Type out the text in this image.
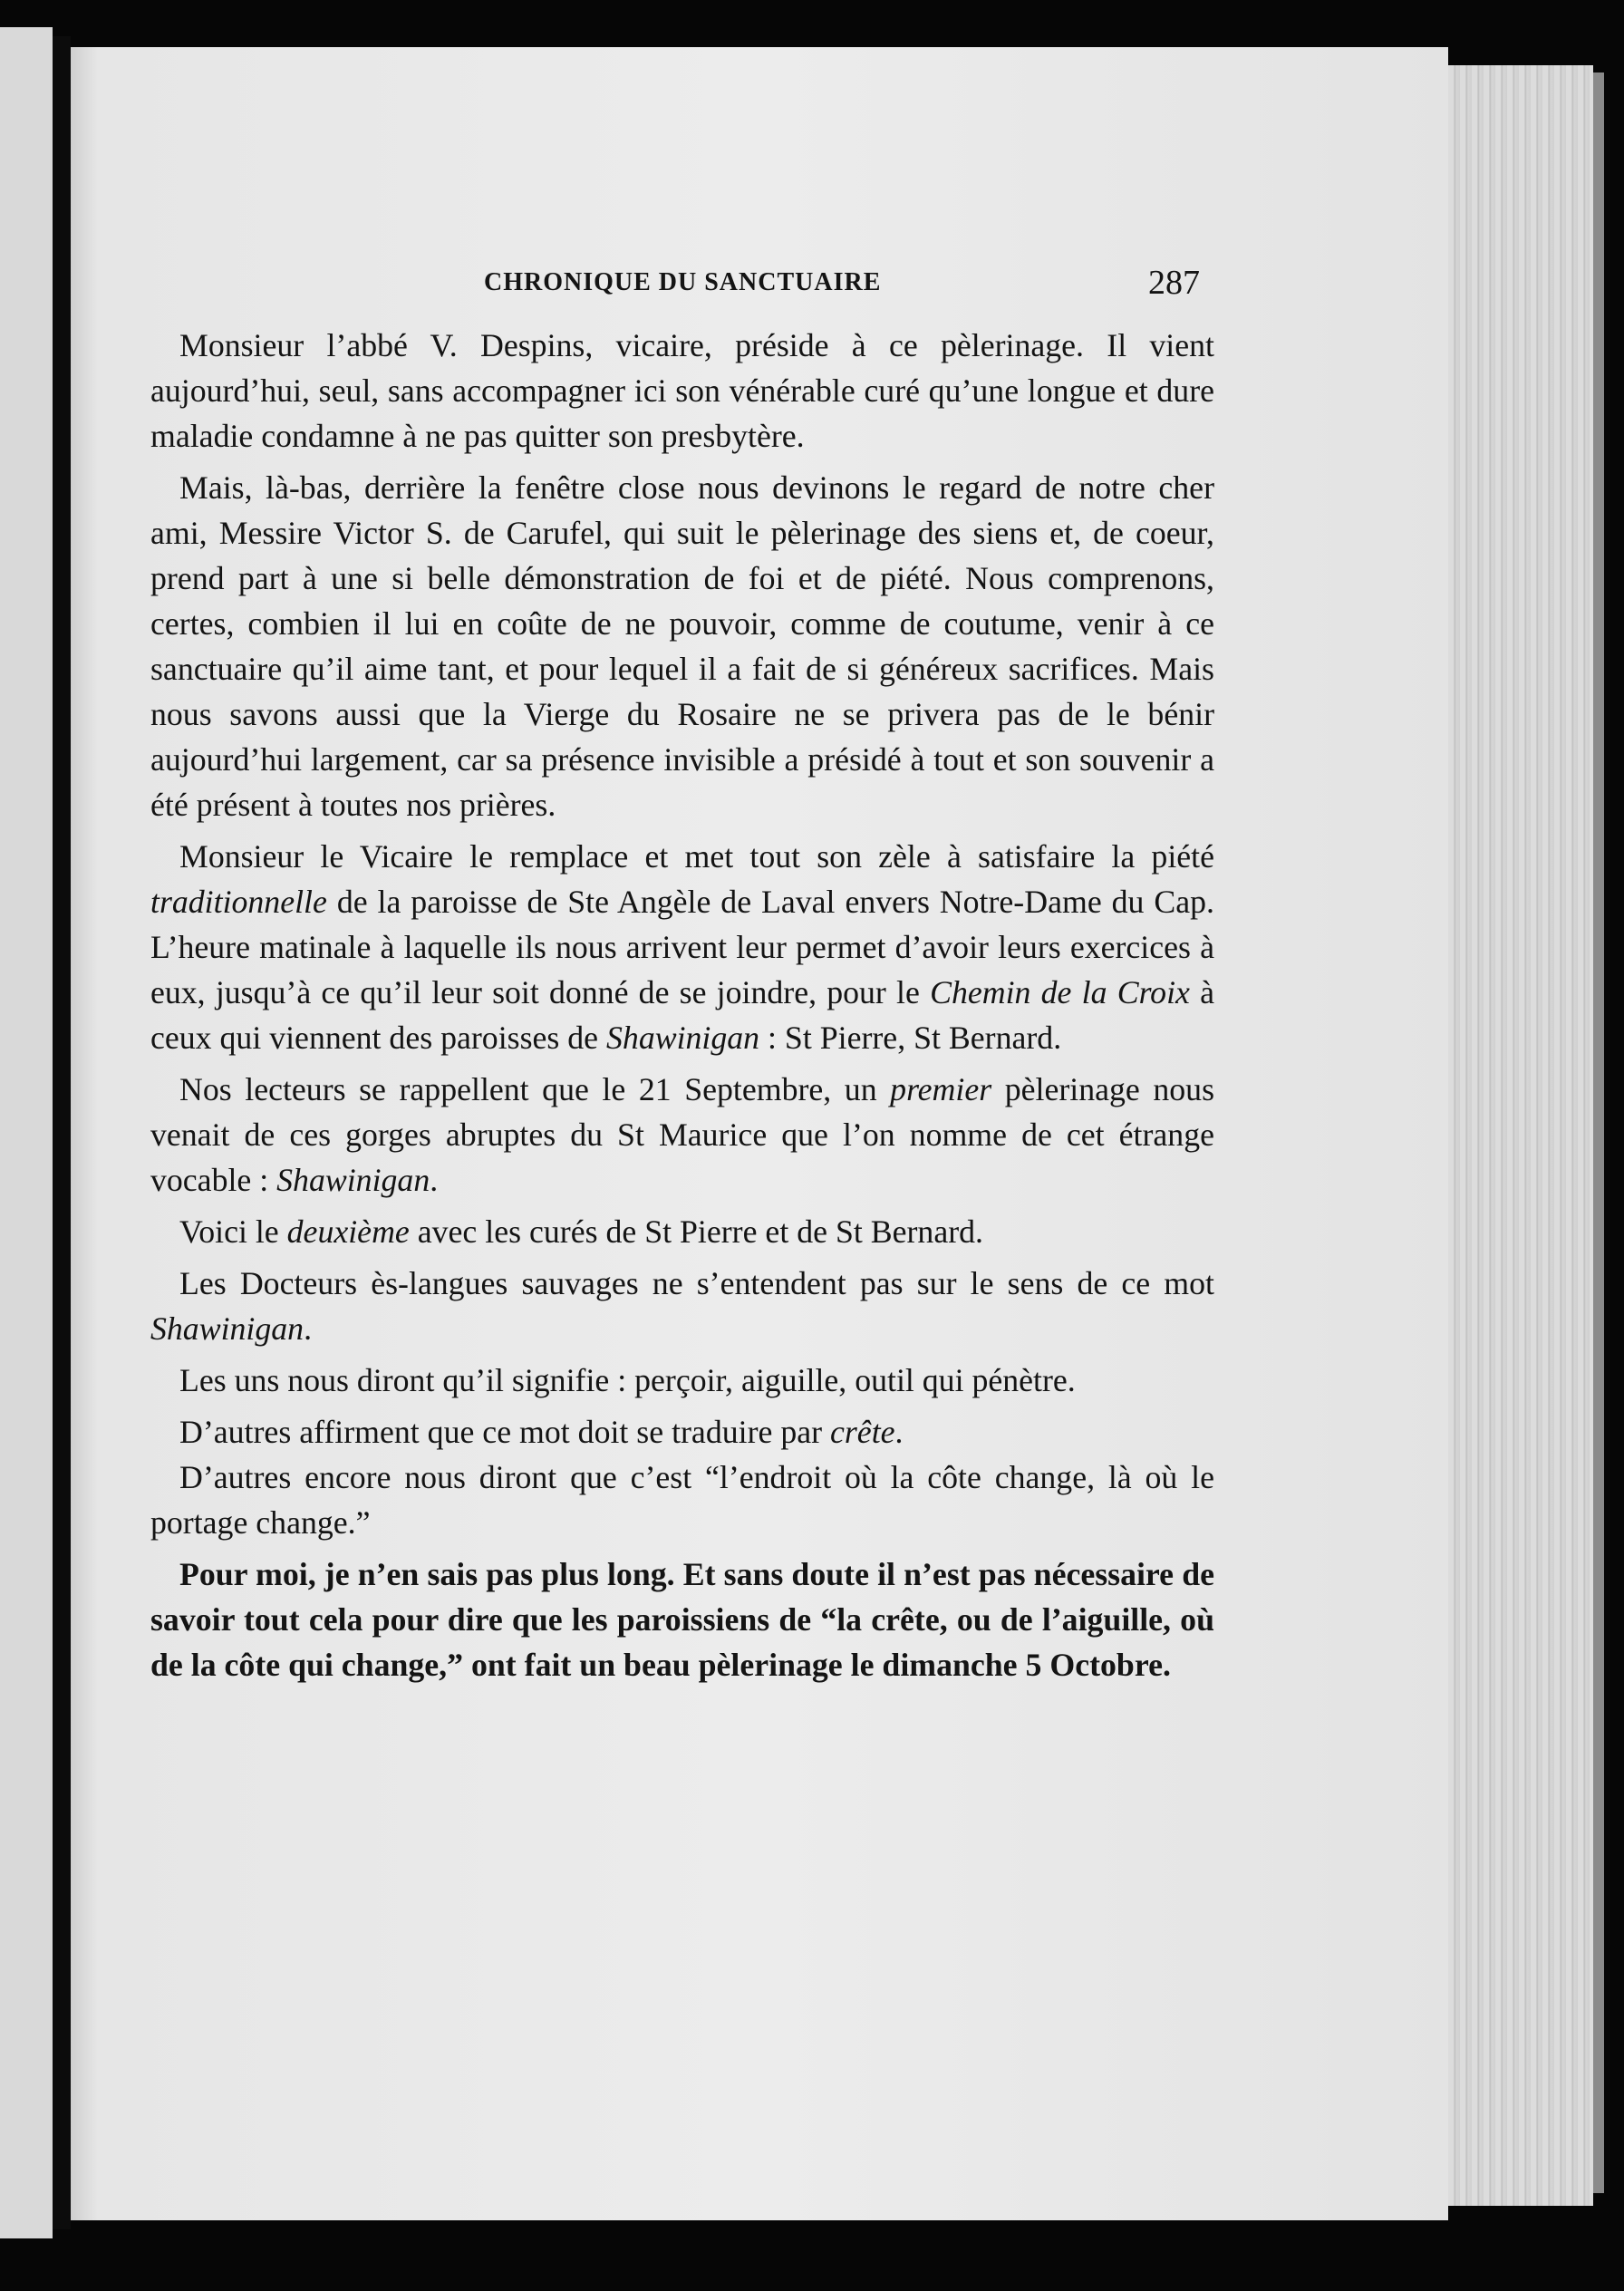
CHRONIQUE DU SANCTUAIRE	287

Monsieur l’abbé V. Despins, vicaire, préside à ce pèlerinage. Il vient aujourd’hui, seul, sans accompagner ici son vénérable curé qu’une longue et dure maladie condamne à ne pas quitter son presbytère.

Mais, là-bas, derrière la fenêtre close nous devinons le regard de notre cher ami, Messire Victor S. de Carufel, qui suit le pèlerinage des siens et, de coeur, prend part à une si belle démonstration de foi et de piété. Nous comprenons, certes, combien il lui en coûte de ne pouvoir, comme de coutume, venir à ce sanctuaire qu’il aime tant, et pour lequel il a fait de si généreux sacrifices. Mais nous savons aussi que la Vierge du Rosaire ne se privera pas de le bénir aujourd’hui largement, car sa présence invisible a présidé à tout et son souvenir a été présent à toutes nos prières.

Monsieur le Vicaire le remplace et met tout son zèle à satisfaire la piété traditionnelle de la paroisse de Ste Angèle de Laval envers Notre-Dame du Cap. L’heure matinale à laquelle ils nous arrivent leur permet d’avoir leurs exercices à eux, jusqu’à ce qu’il leur soit donné de se joindre, pour le Chemin de la Croix à ceux qui viennent des paroisses de Shawinigan : St Pierre, St Bernard.

Nos lecteurs se rappellent que le 21 Septembre, un premier pèlerinage nous venait de ces gorges abruptes du St Maurice que l’on nomme de cet étrange vocable : Shawinigan.

Voici le deuxième avec les curés de St Pierre et de St Bernard.

Les Docteurs ès-langues sauvages ne s’entendent pas sur le sens de ce mot Shawinigan.

Les uns nous diront qu’il signifie : perçoir, aiguille, outil qui pénètre.

D’autres affirment que ce mot doit se traduire par crête.

D’autres encore nous diront que c’est “l’endroit où la côte change, là où le portage change.”

Pour moi, je n’en sais pas plus long. Et sans doute il n’est pas nécessaire de savoir tout cela pour dire que les paroissiens de “la crête, ou de l’aiguille, où de la côte qui change,” ont fait un beau pèlerinage le dimanche 5 Octobre.
